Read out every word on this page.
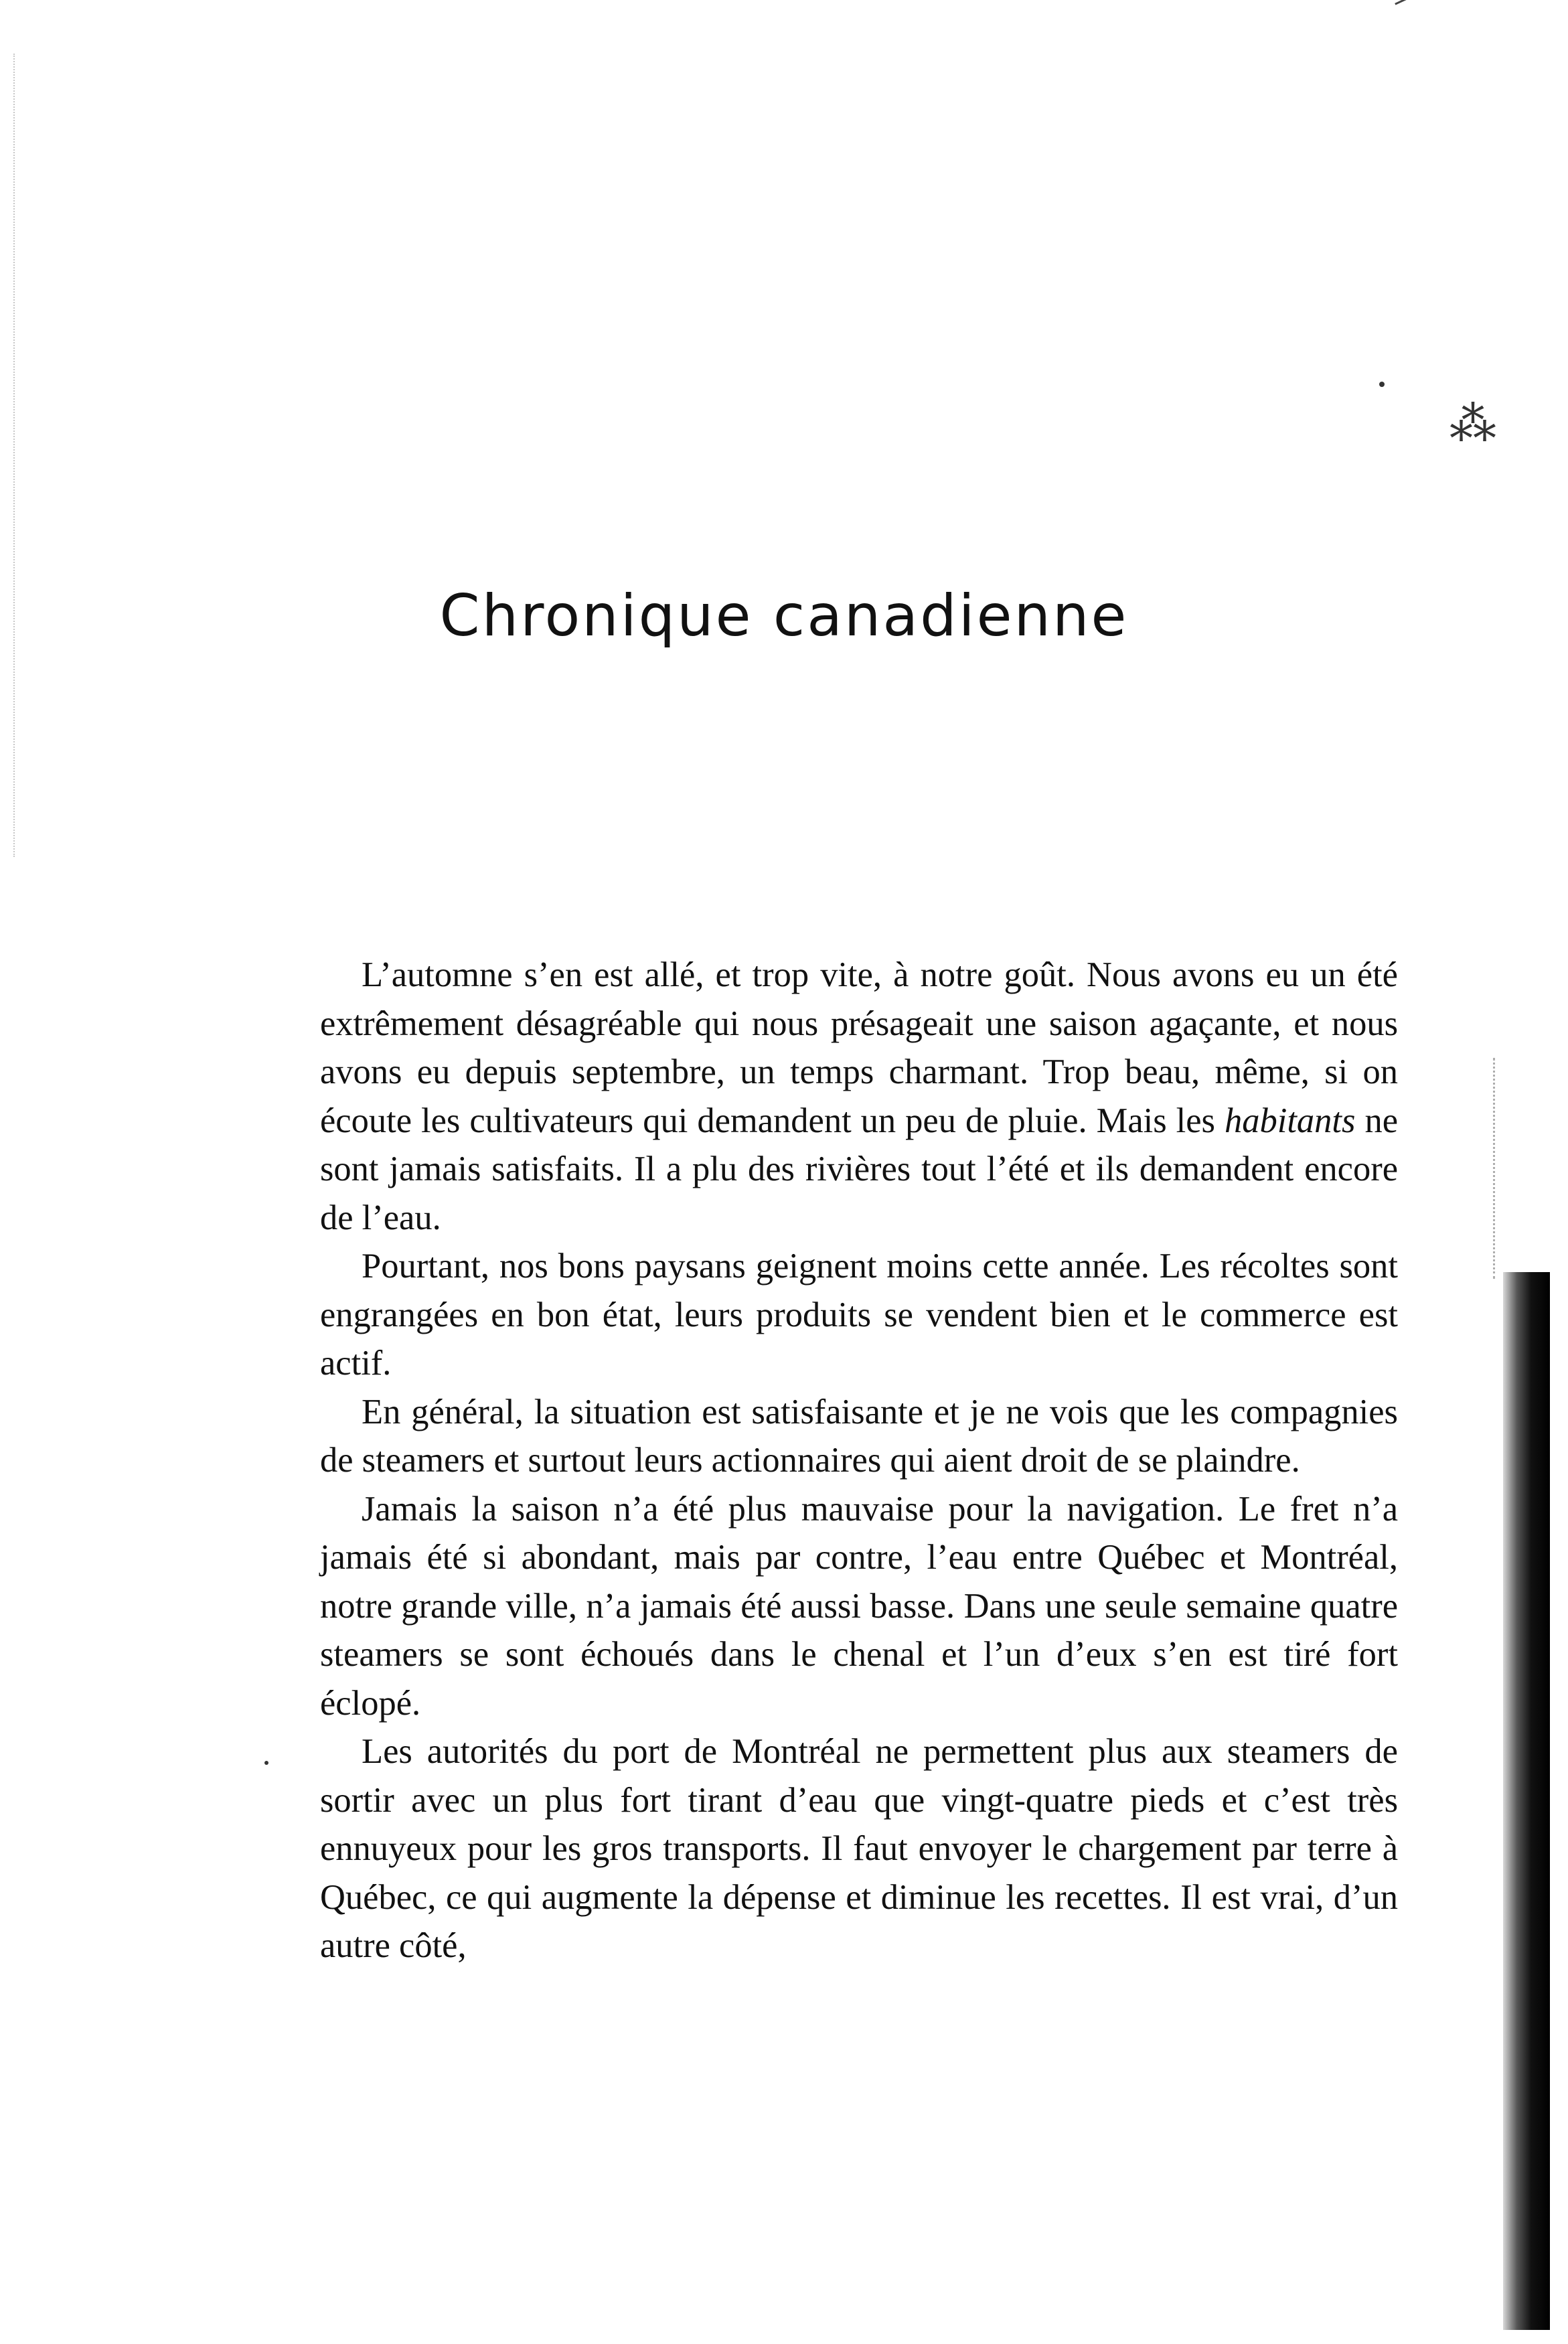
⁂
Chronique canadienne

L’automne s’en est allé, et trop vite, à notre goût. Nous avons eu un été extrêmement désagréable qui nous présageait une saison agaçante, et nous avons eu depuis septembre, un temps charmant. Trop beau, même, si on écoute les cultivateurs qui demandent un peu de pluie. Mais les habitants ne sont jamais satisfaits. Il a plu des rivières tout l’été et ils demandent encore de l’eau.

Pourtant, nos bons paysans geignent moins cette année. Les récoltes sont engrangées en bon état, leurs produits se vendent bien et le commerce est actif.

En général, la situation est satisfaisante et je ne vois que les compagnies de steamers et surtout leurs actionnaires qui aient droit de se plaindre.

Jamais la saison n’a été plus mauvaise pour la navigation. Le fret n’a jamais été si abondant, mais par contre, l’eau entre Québec et Montréal, notre grande ville, n’a jamais été aussi basse. Dans une seule semaine quatre steamers se sont échoués dans le chenal et l’un d’eux s’en est tiré fort éclopé.

Les autorités du port de Montréal ne permettent plus aux steamers de sortir avec un plus fort tirant d’eau que vingt-quatre pieds et c’est très ennuyeux pour les gros transports. Il faut envoyer le chargement par terre à Québec, ce qui augmente la dépense et diminue les recettes. Il est vrai, d’un autre côté,
